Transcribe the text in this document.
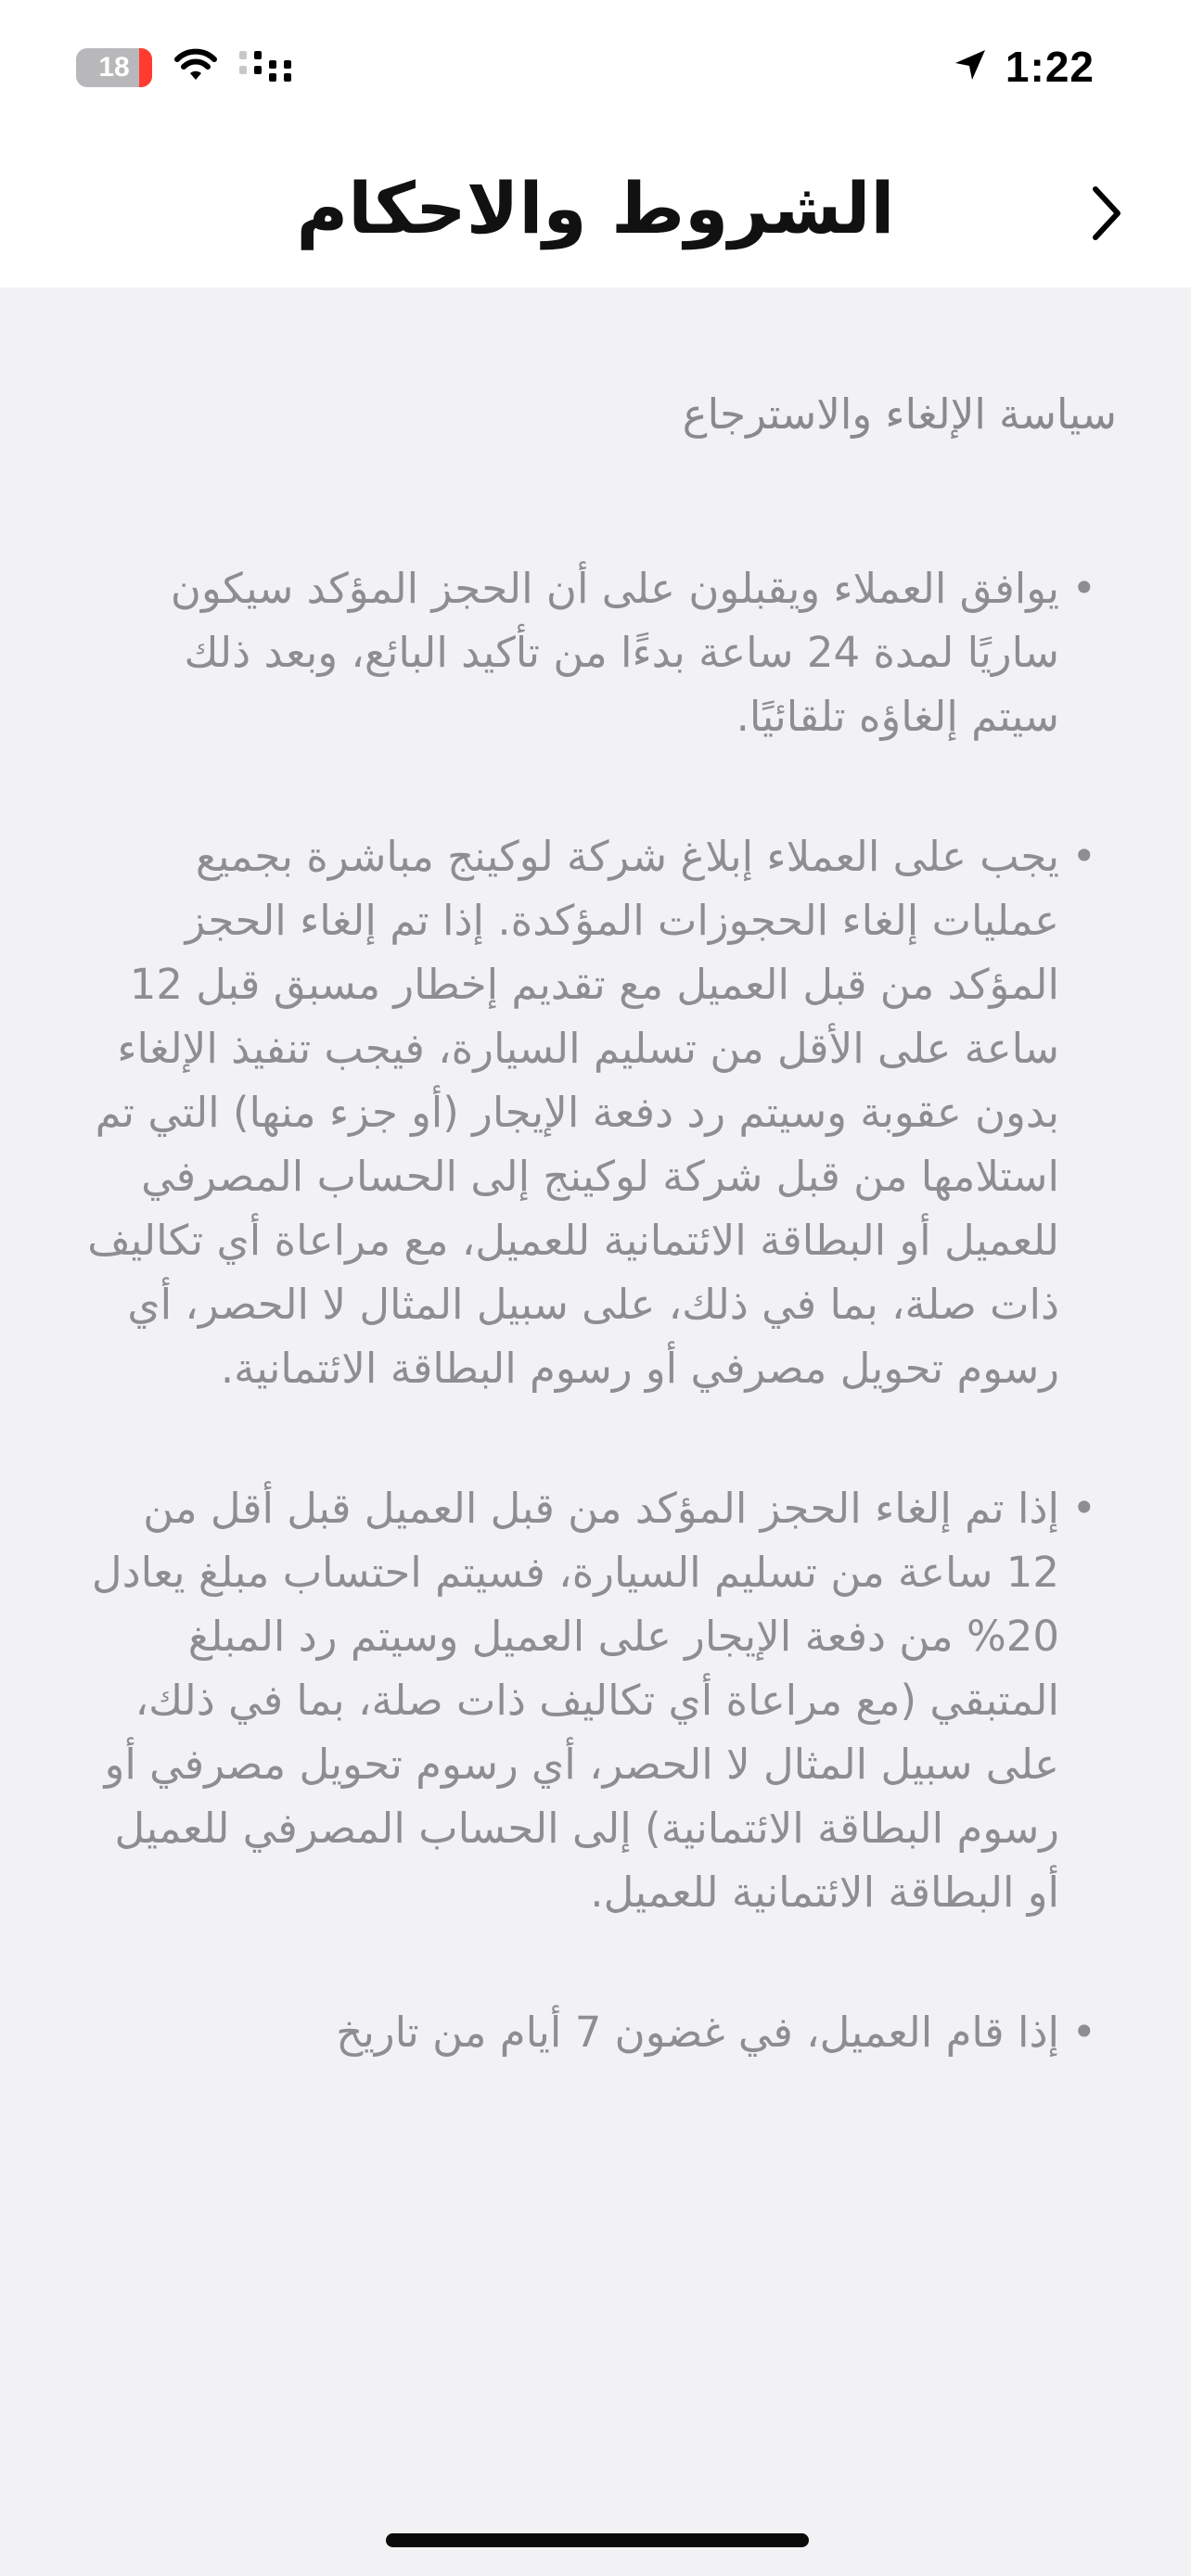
18	1:22
الشروط والاحكام
سياسة الإلغاء والاسترجاع
•
يوافق العملاء ويقبلون على أن الحجز المؤكد سيكون ساريًا لمدة 24 ساعة بدءًا من تأكيد البائع، وبعد ذلك سيتم إلغاؤه تلقائيًا.
•
يجب على العملاء إبلاغ شركة لوكينج مباشرة بجميع عمليات إلغاء الحجوزات المؤكدة. إذا تم إلغاء الحجز المؤكد من قبل العميل مع تقديم إخطار مسبق قبل 12 ساعة على الأقل من تسليم السيارة، فيجب تنفيذ الإلغاء بدون عقوبة وسيتم رد دفعة الإيجار (أو جزء منها) التي تم استلامها من قبل شركة لوكينج إلى الحساب المصرفي للعميل أو البطاقة الائتمانية للعميل، مع مراعاة أي تكاليف ذات صلة، بما في ذلك، على سبيل المثال لا الحصر، أي رسوم تحويل مصرفي أو رسوم البطاقة الائتمانية.
•
إذا تم إلغاء الحجز المؤكد من قبل العميل قبل أقل من 12 ساعة من تسليم السيارة، فسيتم احتساب مبلغ يعادل 20% من دفعة الإيجار على العميل وسيتم رد المبلغ المتبقي (مع مراعاة أي تكاليف ذات صلة، بما في ذلك، على سبيل المثال لا الحصر، أي رسوم تحويل مصرفي أو رسوم البطاقة الائتمانية) إلى الحساب المصرفي للعميل أو البطاقة الائتمانية للعميل.
•
إذا قام العميل، في غضون 7 أيام من تاريخ
